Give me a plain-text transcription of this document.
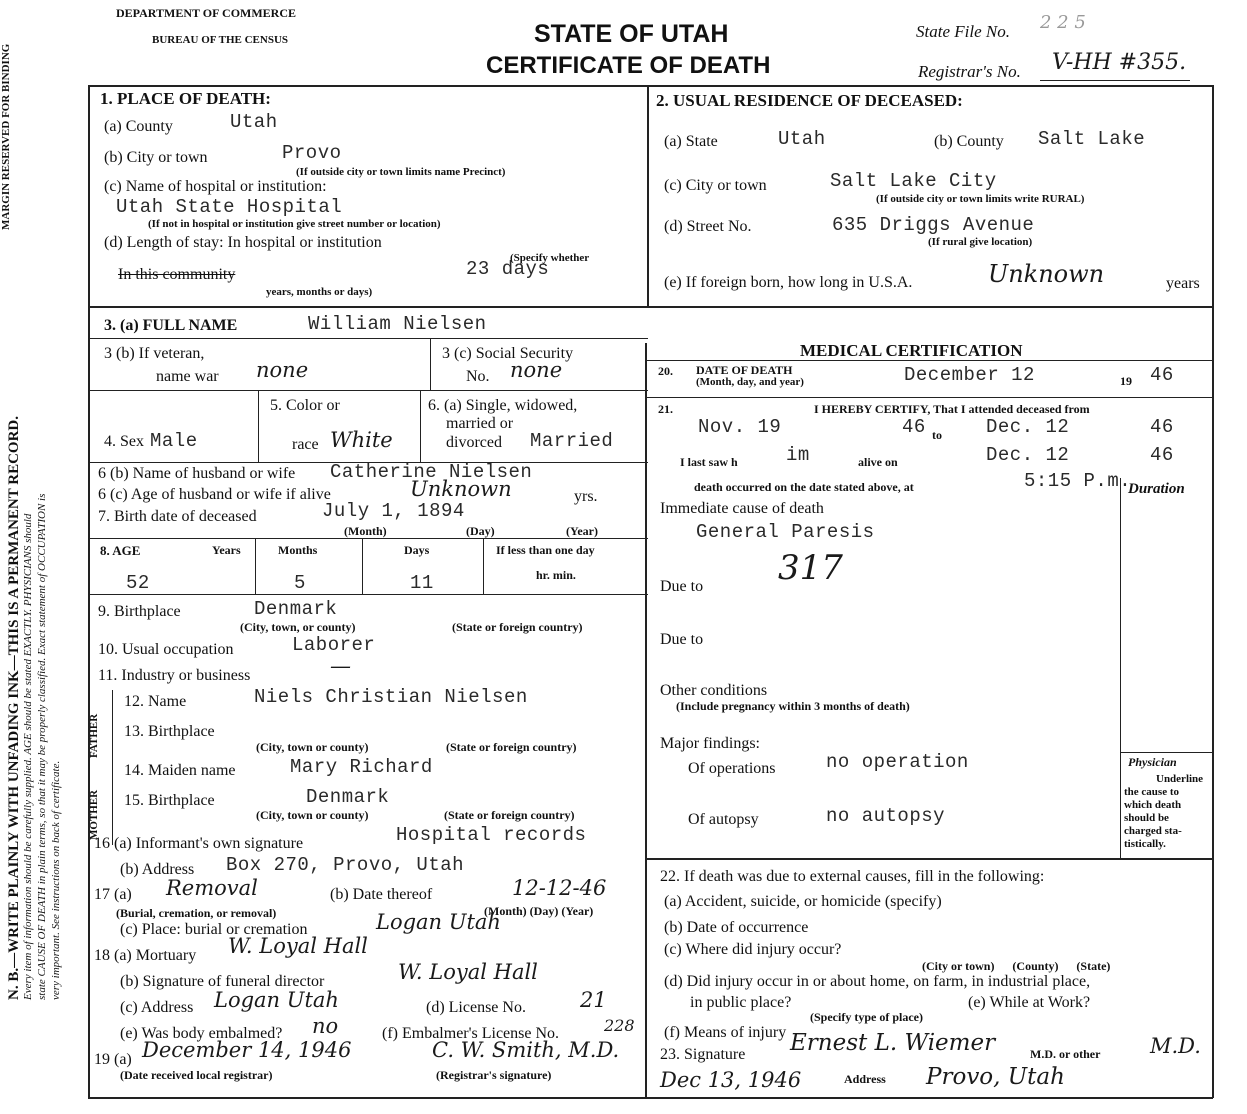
N. B.—WRITE PLAINLY WITH UNFADING INK—THIS IS A PERMANENT RECORD. Every item of information should be carefully supplied. AGE should be stated EXACTLY. PHYSICIANS should state CAUSE OF DEATH in plain terms, so that it may be properly classified. Exact statement of OCCUPATION is very important. See instructions on back of certificate.
MARGIN RESERVED FOR BINDING
DEPARTMENT OF COMMERCE
BUREAU OF THE CENSUS	STATE OF UTAH
CERTIFICATE OF DEATH
State File No. 2 2 5
Registrar's No. V-HH #355.
1. PLACE OF DEATH:
(a) County	Utah
(b) City or town	Provo
(If outside city or town limits name Precinct)
(c) Name of hospital or institution:
Utah State Hospital
(If not in hospital or institution give street number or location)
(d) Length of stay: In hospital or institution
(Specify whether
In this community	23 days
years, months or days)
2. USUAL RESIDENCE OF DECEASED:
(a) State	Utah	(b) County Salt Lake
(c) City or town	Salt Lake City
(If outside city or town limits write RURAL)
(d) Street No.	635 Driggs Avenue
(If rural give location)
(e) If foreign born, how long in U.S.A.	Unknown	years
3. (a) FULL NAME	William Nielsen
3 (b) If veteran,
name war none
3 (c) Social Security
No. none
4. Sex Male
5. Color or
race White
6. (a) Single, widowed,
married or
divorced Married
6 (b) Name of husband or wife Catherine Nielsen
6 (c) Age of husband or wife if alive	Unknown	yrs.
7. Birth date of deceased	July 1, 1894
(Month)	(Day)	(Year)
8. AGE	Years	Months	Days	If less than one day
hr. min.
52	5	11
9. Birthplace	Denmark
(City, town, or county)	(State or foreign country)
10. Usual occupation	Laborer
11. Industry or business	—
FATHER
MOTHER
12. Name	Niels Christian Nielsen
13. Birthplace
(City, town or county)	(State or foreign country)
14. Maiden name	Mary Richard
15. Birthplace	Denmark
(City, town or county)	(State or foreign country)
16 (a) Informant's own signature	Hospital records
(b) Address Box 270, Provo, Utah
17 (a) Removal	(b) Date thereof	12-12-46
(Burial, cremation, or removal)	(Month) (Day) (Year)
(c) Place: burial or cremation	Logan Utah
18 (a) Mortuary W. Loyal Hall
(b) Signature of funeral director	W. Loyal Hall
(c) Address Logan Utah	(d) License No.	21
(e) Was body embalmed? no	(f) Embalmer's License No.	228
19 (a) December 14, 1946	C. W. Smith, M.D.
(Date received local registrar)	(Registrar's signature)
MEDICAL CERTIFICATION
20. DATE OF DEATH
(Month, day, and year)	December 12	19 46
21.	I HEREBY CERTIFY, That I attended deceased from
Nov. 19	46 to Dec. 12	46
I last saw h	im	alive on	Dec. 12	46
death occurred on the date stated above, at	5:15 P.m.
Duration
Immediate cause of death
General Paresis
Due to 317
Due to
Other conditions
(Include pregnancy within 3 months of death)
Major findings:
Of operations	no operation
Of autopsy	no autopsy
Physician
Underline
the cause to
which death
should be
charged sta-
tistically.
22. If death was due to external causes, fill in the following:
(a) Accident, suicide, or homicide (specify)
(b) Date of occurrence
(c) Where did injury occur?
(City or town)      (County)      (State)
(d) Did injury occur in or about home, on farm, in industrial place,
in public place?	(e) While at Work?
(Specify type of place)
(f) Means of injury
23. Signature Ernest L. Wiemer	M.D. or other M.D.
Dec 13, 1946	Address Provo, Utah
